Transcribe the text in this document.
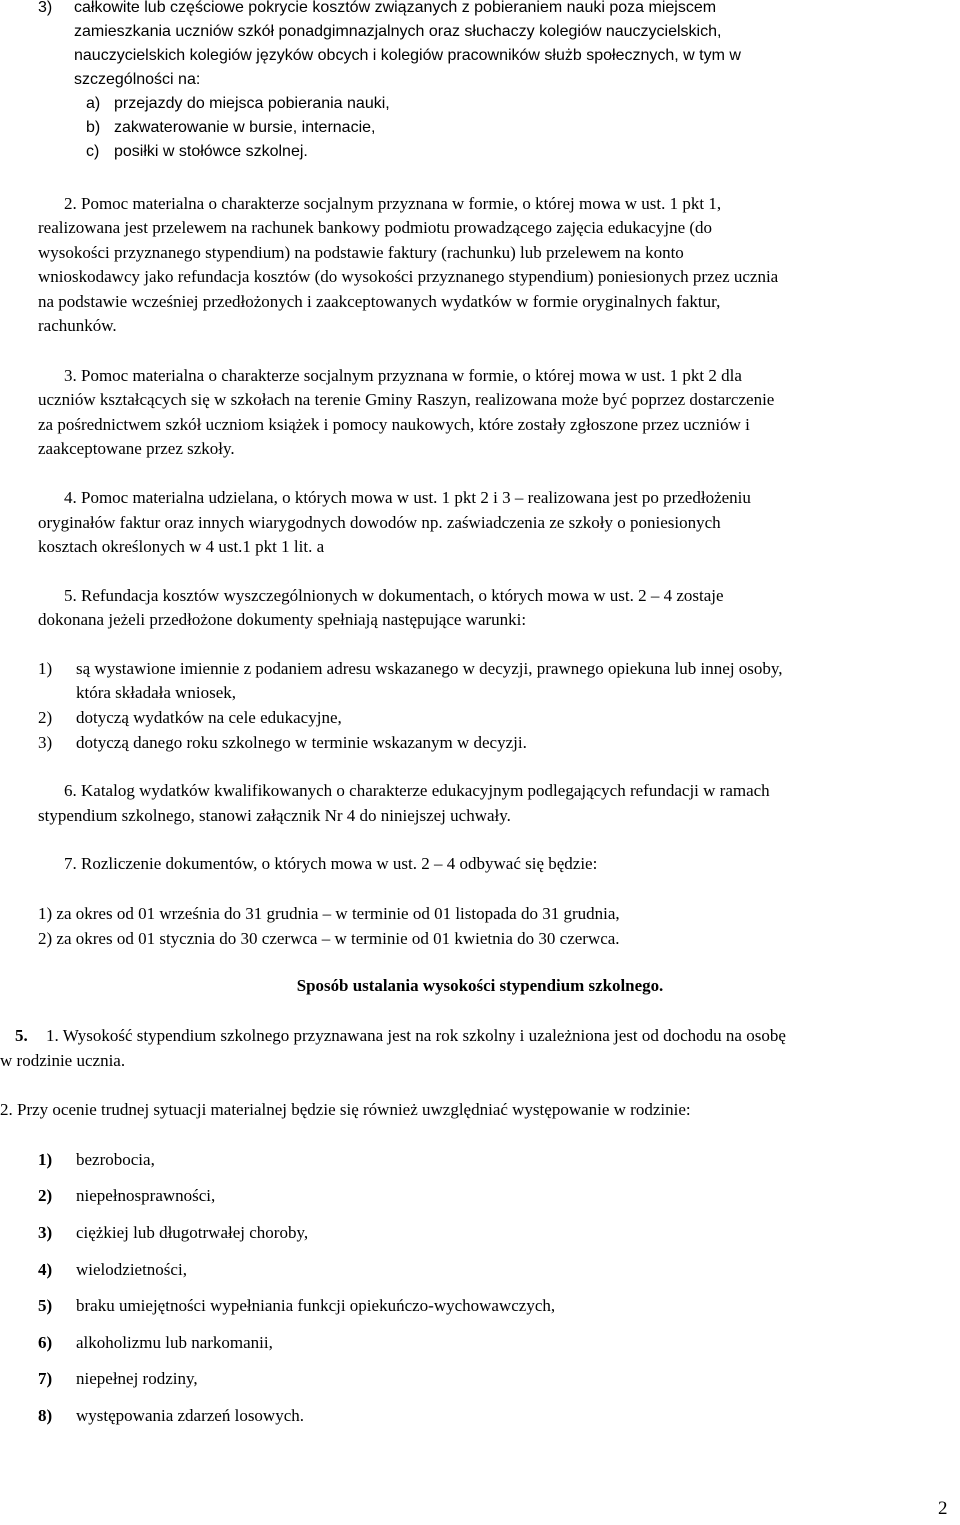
3) całkowite lub częściowe pokrycie kosztów związanych z pobieraniem nauki poza miejscem
zamieszkania uczniów szkół ponadgimnazjalnych oraz słuchaczy kolegiów nauczycielskich,
nauczycielskich kolegiów języków obcych i kolegiów pracowników służb społecznych, w tym w
szczególności na:
a) przejazdy do miejsca pobierania nauki,
b) zakwaterowanie w bursie, internacie,
c) posiłki w stołówce szkolnej.
2. Pomoc materialna o charakterze socjalnym przyznana w formie, o której mowa w ust. 1 pkt 1,
realizowana jest przelewem na rachunek bankowy podmiotu prowadzącego zajęcia edukacyjne (do
wysokości przyznanego stypendium) na podstawie faktury (rachunku) lub przelewem na konto
wnioskodawcy jako refundacja kosztów (do wysokości przyznanego stypendium) poniesionych przez ucznia
na podstawie wcześniej przedłożonych i zaakceptowanych wydatków w formie oryginalnych faktur,
rachunków.
3. Pomoc materialna o charakterze socjalnym przyznana w formie, o której mowa w ust. 1 pkt 2 dla
uczniów kształcących się w szkołach na terenie Gminy Raszyn, realizowana może być poprzez dostarczenie
za pośrednictwem szkół uczniom książek i pomocy naukowych, które zostały zgłoszone przez uczniów i
zaakceptowane przez szkoły.
4. Pomoc materialna udzielana, o których mowa w ust. 1 pkt 2 i 3 – realizowana jest po przedłożeniu
oryginałów faktur oraz innych wiarygodnych dowodów np. zaświadczenia ze szkoły o poniesionych
kosztach określonych w 4 ust.1 pkt 1 lit. a
5. Refundacja kosztów wyszczególnionych w dokumentach, o których mowa w ust. 2 – 4 zostaje
dokonana jeżeli przedłożone dokumenty spełniają następujące warunki:
1) są wystawione imiennie z podaniem adresu wskazanego w decyzji, prawnego opiekuna lub innej osoby,
która składała wniosek,
2) dotyczą wydatków na cele edukacyjne,
3) dotyczą danego roku szkolnego w terminie wskazanym w decyzji.
6. Katalog wydatków kwalifikowanych o charakterze edukacyjnym podlegających refundacji w ramach
stypendium szkolnego, stanowi załącznik Nr 4 do niniejszej uchwały.
7. Rozliczenie dokumentów, o których mowa w ust. 2 – 4 odbywać się będzie:
1) za okres od 01 września do 31 grudnia – w terminie od 01 listopada do 31 grudnia,
2) za okres od 01 stycznia do 30 czerwca – w terminie od 01 kwietnia do 30 czerwca.
Sposób ustalania wysokości stypendium szkolnego.
5. 1. Wysokość stypendium szkolnego przyznawana jest na rok szkolny i uzależniona jest od dochodu na osobę
w rodzinie ucznia.
2. Przy ocenie trudnej sytuacji materialnej będzie się również uwzględniać występowanie w rodzinie:
1) bezrobocia,
2) niepełnosprawności,
3) ciężkiej lub długotrwałej choroby,
4) wielodzietności,
5) braku umiejętności wypełniania funkcji opiekuńczo-wychowawczych,
6) alkoholizmu lub narkomanii,
7) niepełnej rodziny,
8) występowania zdarzeń losowych.
2
